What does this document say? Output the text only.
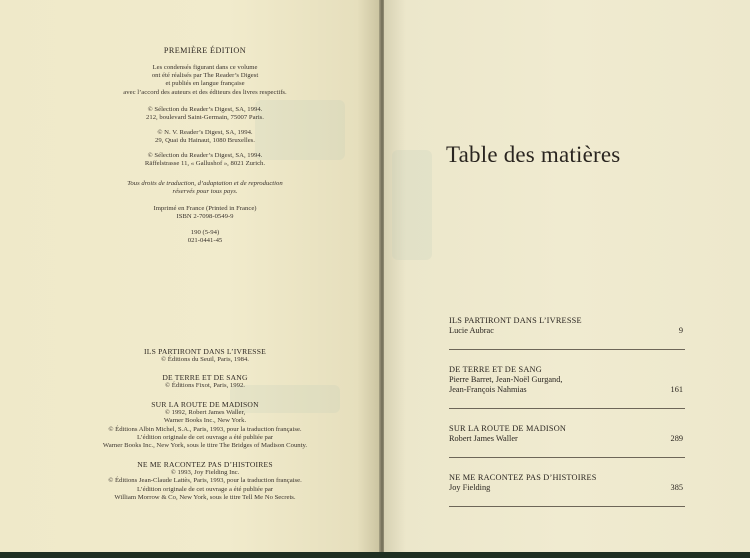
PREMIÈRE ÉDITION
Les condensés figurant dans ce volume
ont été réalisés par The Reader’s Digest
et publiés en langue française
avec l’accord des auteurs et des éditeurs des livres respectifs.
© Sélection du Reader’s Digest, SA, 1994.
212, boulevard Saint-Germain, 75007 Paris.
© N. V. Reader’s Digest, SA, 1994.
29, Quai du Hainaut, 1080 Bruxelles.
© Sélection du Reader’s Digest, SA, 1994.
Räffelstrasse 11, « Gallushof », 8021 Zurich.
Tous droits de traduction, d’adaptation et de reproduction
réservés pour tous pays.
Imprimé en France (Printed in France)
ISBN 2-7098-0549-9
190 (5-94)
021-0441-45
ILS PARTIRONT DANS L’IVRESSE
© Éditions du Seuil, Paris, 1984.
DE TERRE ET DE SANG
© Éditions Fixot, Paris, 1992.
SUR LA ROUTE DE MADISON
© 1992, Robert James Waller,
Warner Books Inc., New York.
© Éditions Albin Michel, S.A., Paris, 1993, pour la traduction française.
L’édition originale de cet ouvrage a été publiée par
Warner Books Inc., New York, sous le titre The Bridges of Madison County.
NE ME RACONTEZ PAS D’HISTOIRES
© 1993, Joy Fielding Inc.
© Éditions Jean-Claude Lattès, Paris, 1993, pour la traduction française.
L’édition originale de cet ouvrage a été publiée par
William Morrow & Co, New York, sous le titre Tell Me No Secrets.
Table des matières
ILS PARTIRONT DANS L’IVRESSE
Lucie Aubrac	9
DE TERRE ET DE SANG
Pierre Barret, Jean-Noël Gurgand,
Jean-François Nahmias	161
SUR LA ROUTE DE MADISON
Robert James Waller	289
NE ME RACONTEZ PAS D’HISTOIRES
Joy Fielding	385
